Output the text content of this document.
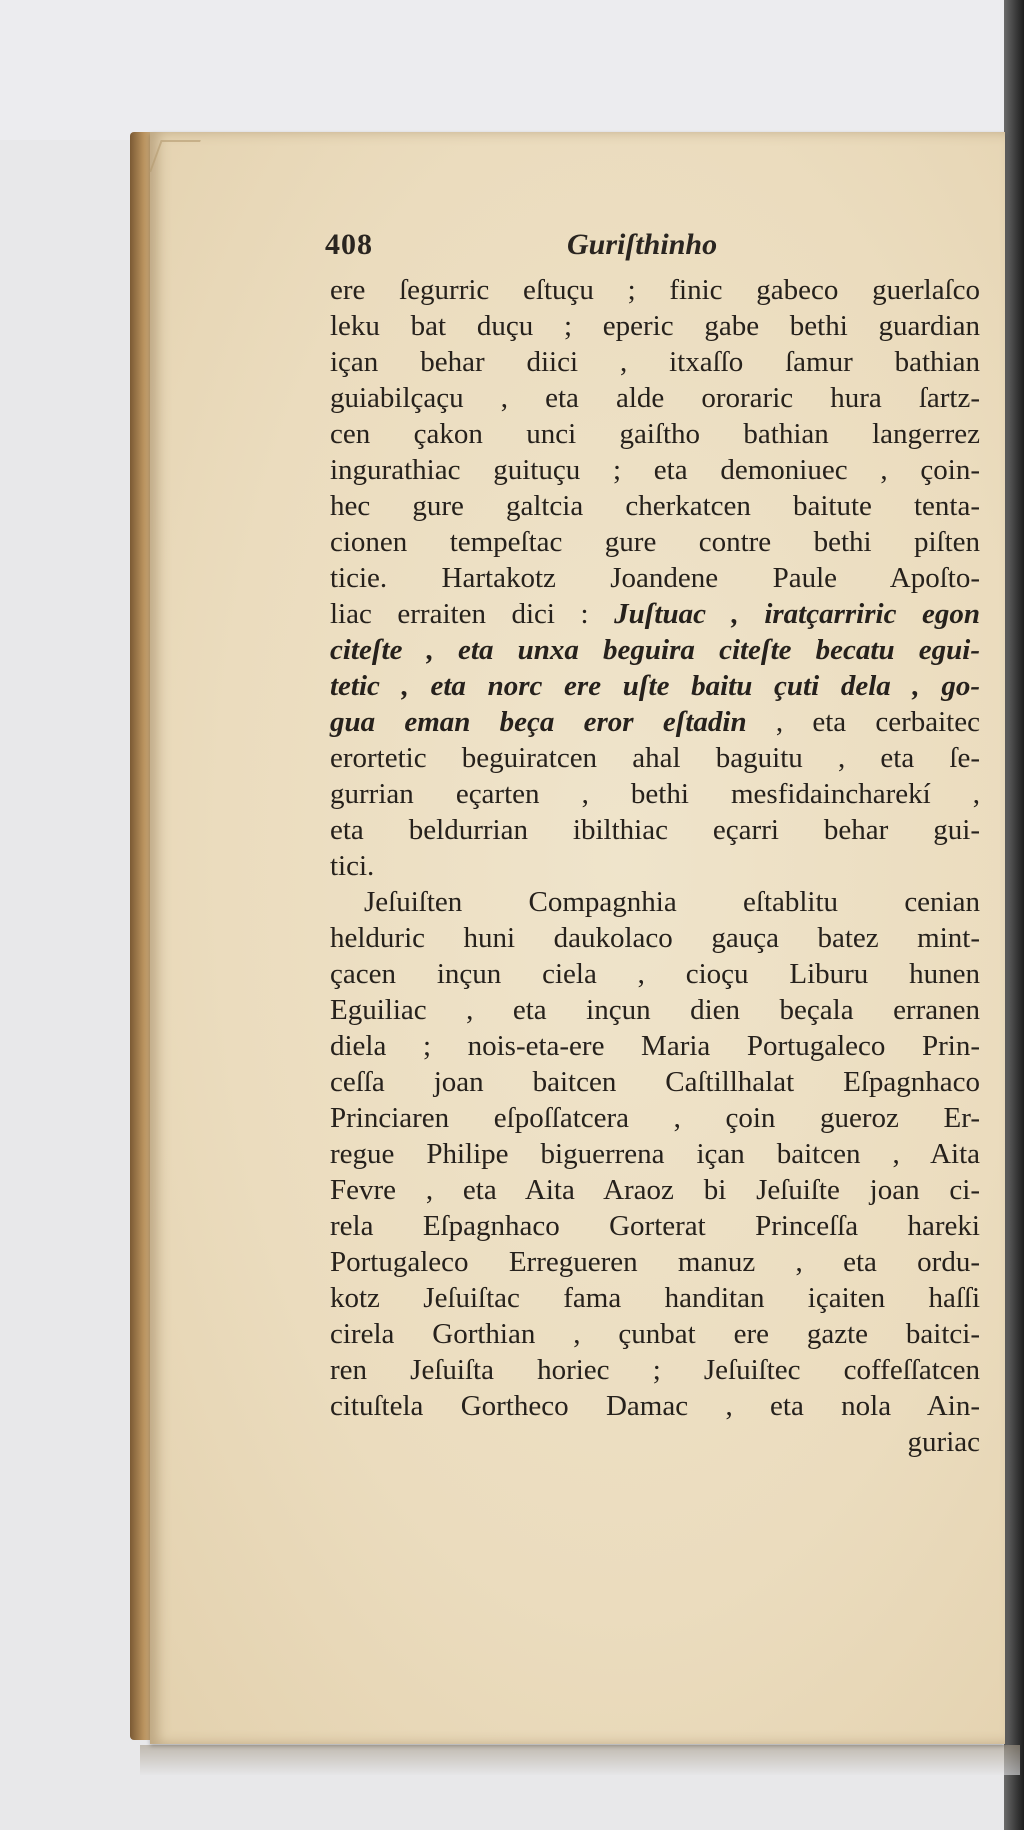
408	Guriſthinho
ere ſegurric eſtuçu ; finic gabeco guerlaſco
leku bat duçu ; eperic gabe bethi guardian
içan behar diici , itxaſſo ſamur bathian
guiabilçaçu , eta alde ororaric hura ſartz-
cen çakon unci gaiſtho bathian langerrez
ingurathiac guituçu ; eta demoniuec , çoin-
hec gure galtcia cherkatcen baitute tenta-
cionen tempeſtac gure contre bethi piſten
ticie. Hartakotz Joandene Paule Apoſto-
liac erraiten dici : Juſtuac , iratçarriric egon
citeſte , eta unxa beguira citeſte becatu egui-
tetic , eta norc ere uſte baitu çuti dela , go-
gua eman beça eror eſtadin , eta cerbaitec
erortetic beguiratcen ahal baguitu , eta ſe-
gurrian eçarten , bethi mesfidaincharekí ,
eta beldurrian ibilthiac eçarri behar gui-
tici.
Jeſuiſten Compagnhia eſtablitu cenian
helduric huni daukolaco gauça batez mint-
çacen inçun ciela , cioçu Liburu hunen
Eguiliac , eta inçun dien beçala erranen
diela ; nois-eta-ere Maria Portugaleco Prin-
ceſſa joan baitcen Caſtillhalat Eſpagnhaco
Princiaren eſpoſſatcera , çoin gueroz Er-
regue Philipe biguerrena içan baitcen , Aita
Fevre , eta Aita Araoz bi Jeſuiſte joan ci-
rela Eſpagnhaco Gorterat Princeſſa hareki
Portugaleco Erregueren manuz , eta ordu-
kotz Jeſuiſtac fama handitan içaiten haſſi
cirela Gorthian , çunbat ere gazte baitci-
ren Jeſuiſta horiec ; Jeſuiſtec coffeſſatcen
cituſtela Gortheco Damac , eta nola Ain-
guriac
